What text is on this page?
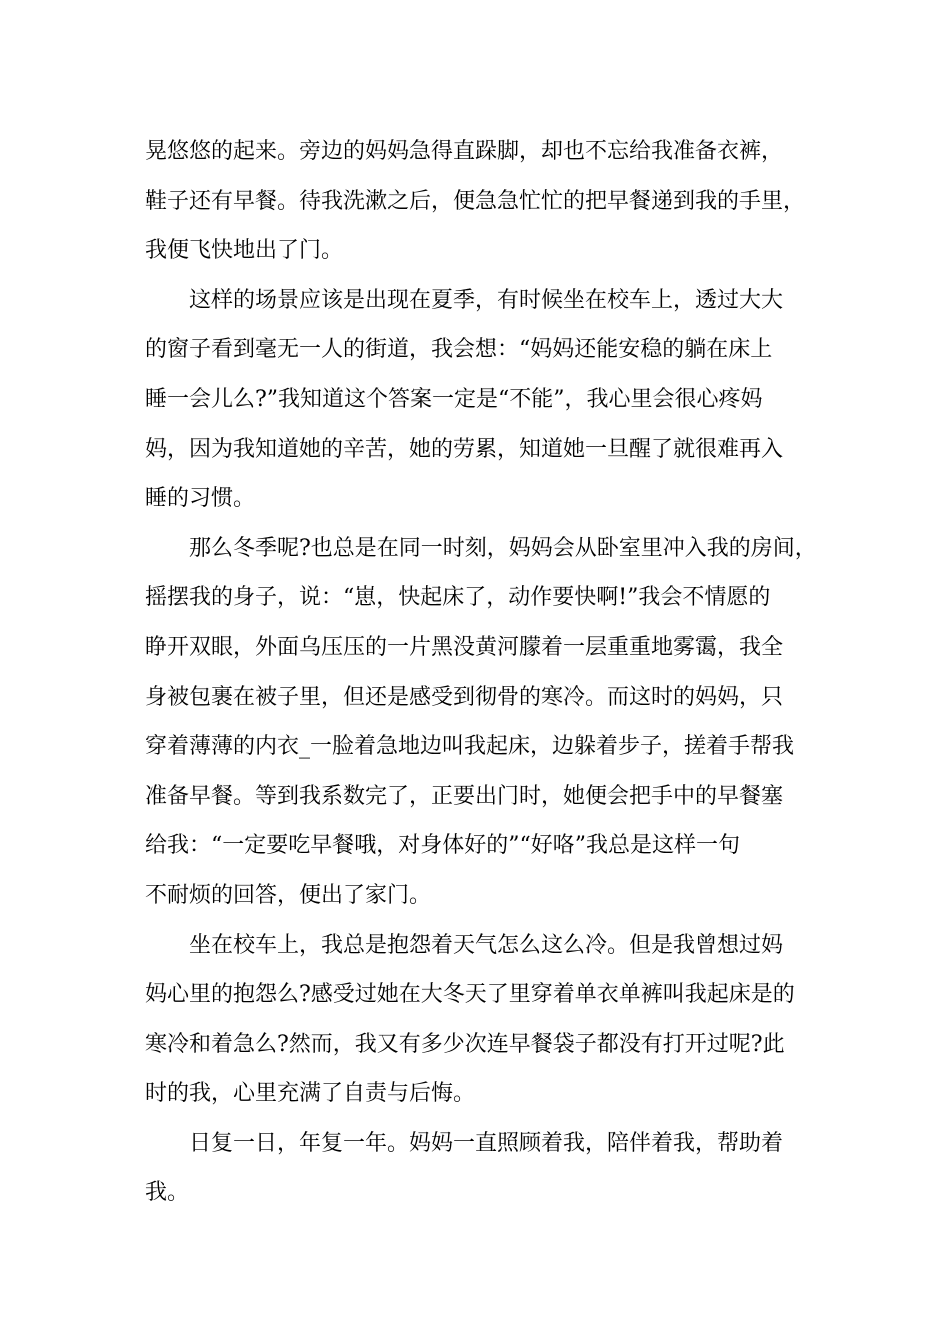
晃悠悠的起来。旁边的妈妈急得直跺脚，却也不忘给我准备衣裤，
鞋子还有早餐。待我洗漱之后，便急急忙忙的把早餐递到我的手里，
我便飞快地出了门。
这样的场景应该是出现在夏季，有时候坐在校车上，透过大大
的窗子看到毫无一人的街道，我会想：“妈妈还能安稳的躺在床上
睡一会儿么?”我知道这个答案一定是“不能”，我心里会很心疼妈
妈，因为我知道她的辛苦，她的劳累，知道她一旦醒了就很难再入
睡的习惯。
那么冬季呢?也总是在同一时刻，妈妈会从卧室里冲入我的房间，
摇摆我的身子，说：“崽，快起床了，动作要快啊!”我会不情愿的
睁开双眼，外面乌压压的一片黑没黄河朦着一层重重地雾霭，我全
身被包裹在被子里，但还是感受到彻骨的寒冷。而这时的妈妈，只
穿着薄薄的内衣_一脸着急地边叫我起床，边躲着步子，搓着手帮我
准备早餐。等到我系数完了，正要出门时，她便会把手中的早餐塞
给我：“一定要吃早餐哦，对身体好的”“好咯”我总是这样一句
不耐烦的回答，便出了家门。
坐在校车上，我总是抱怨着天气怎么这么冷。但是我曾想过妈
妈心里的抱怨么?感受过她在大冬天了里穿着单衣单裤叫我起床是的
寒冷和着急么?然而，我又有多少次连早餐袋子都没有打开过呢?此
时的我，心里充满了自责与后悔。
日复一日，年复一年。妈妈一直照顾着我，陪伴着我，帮助着
我。
